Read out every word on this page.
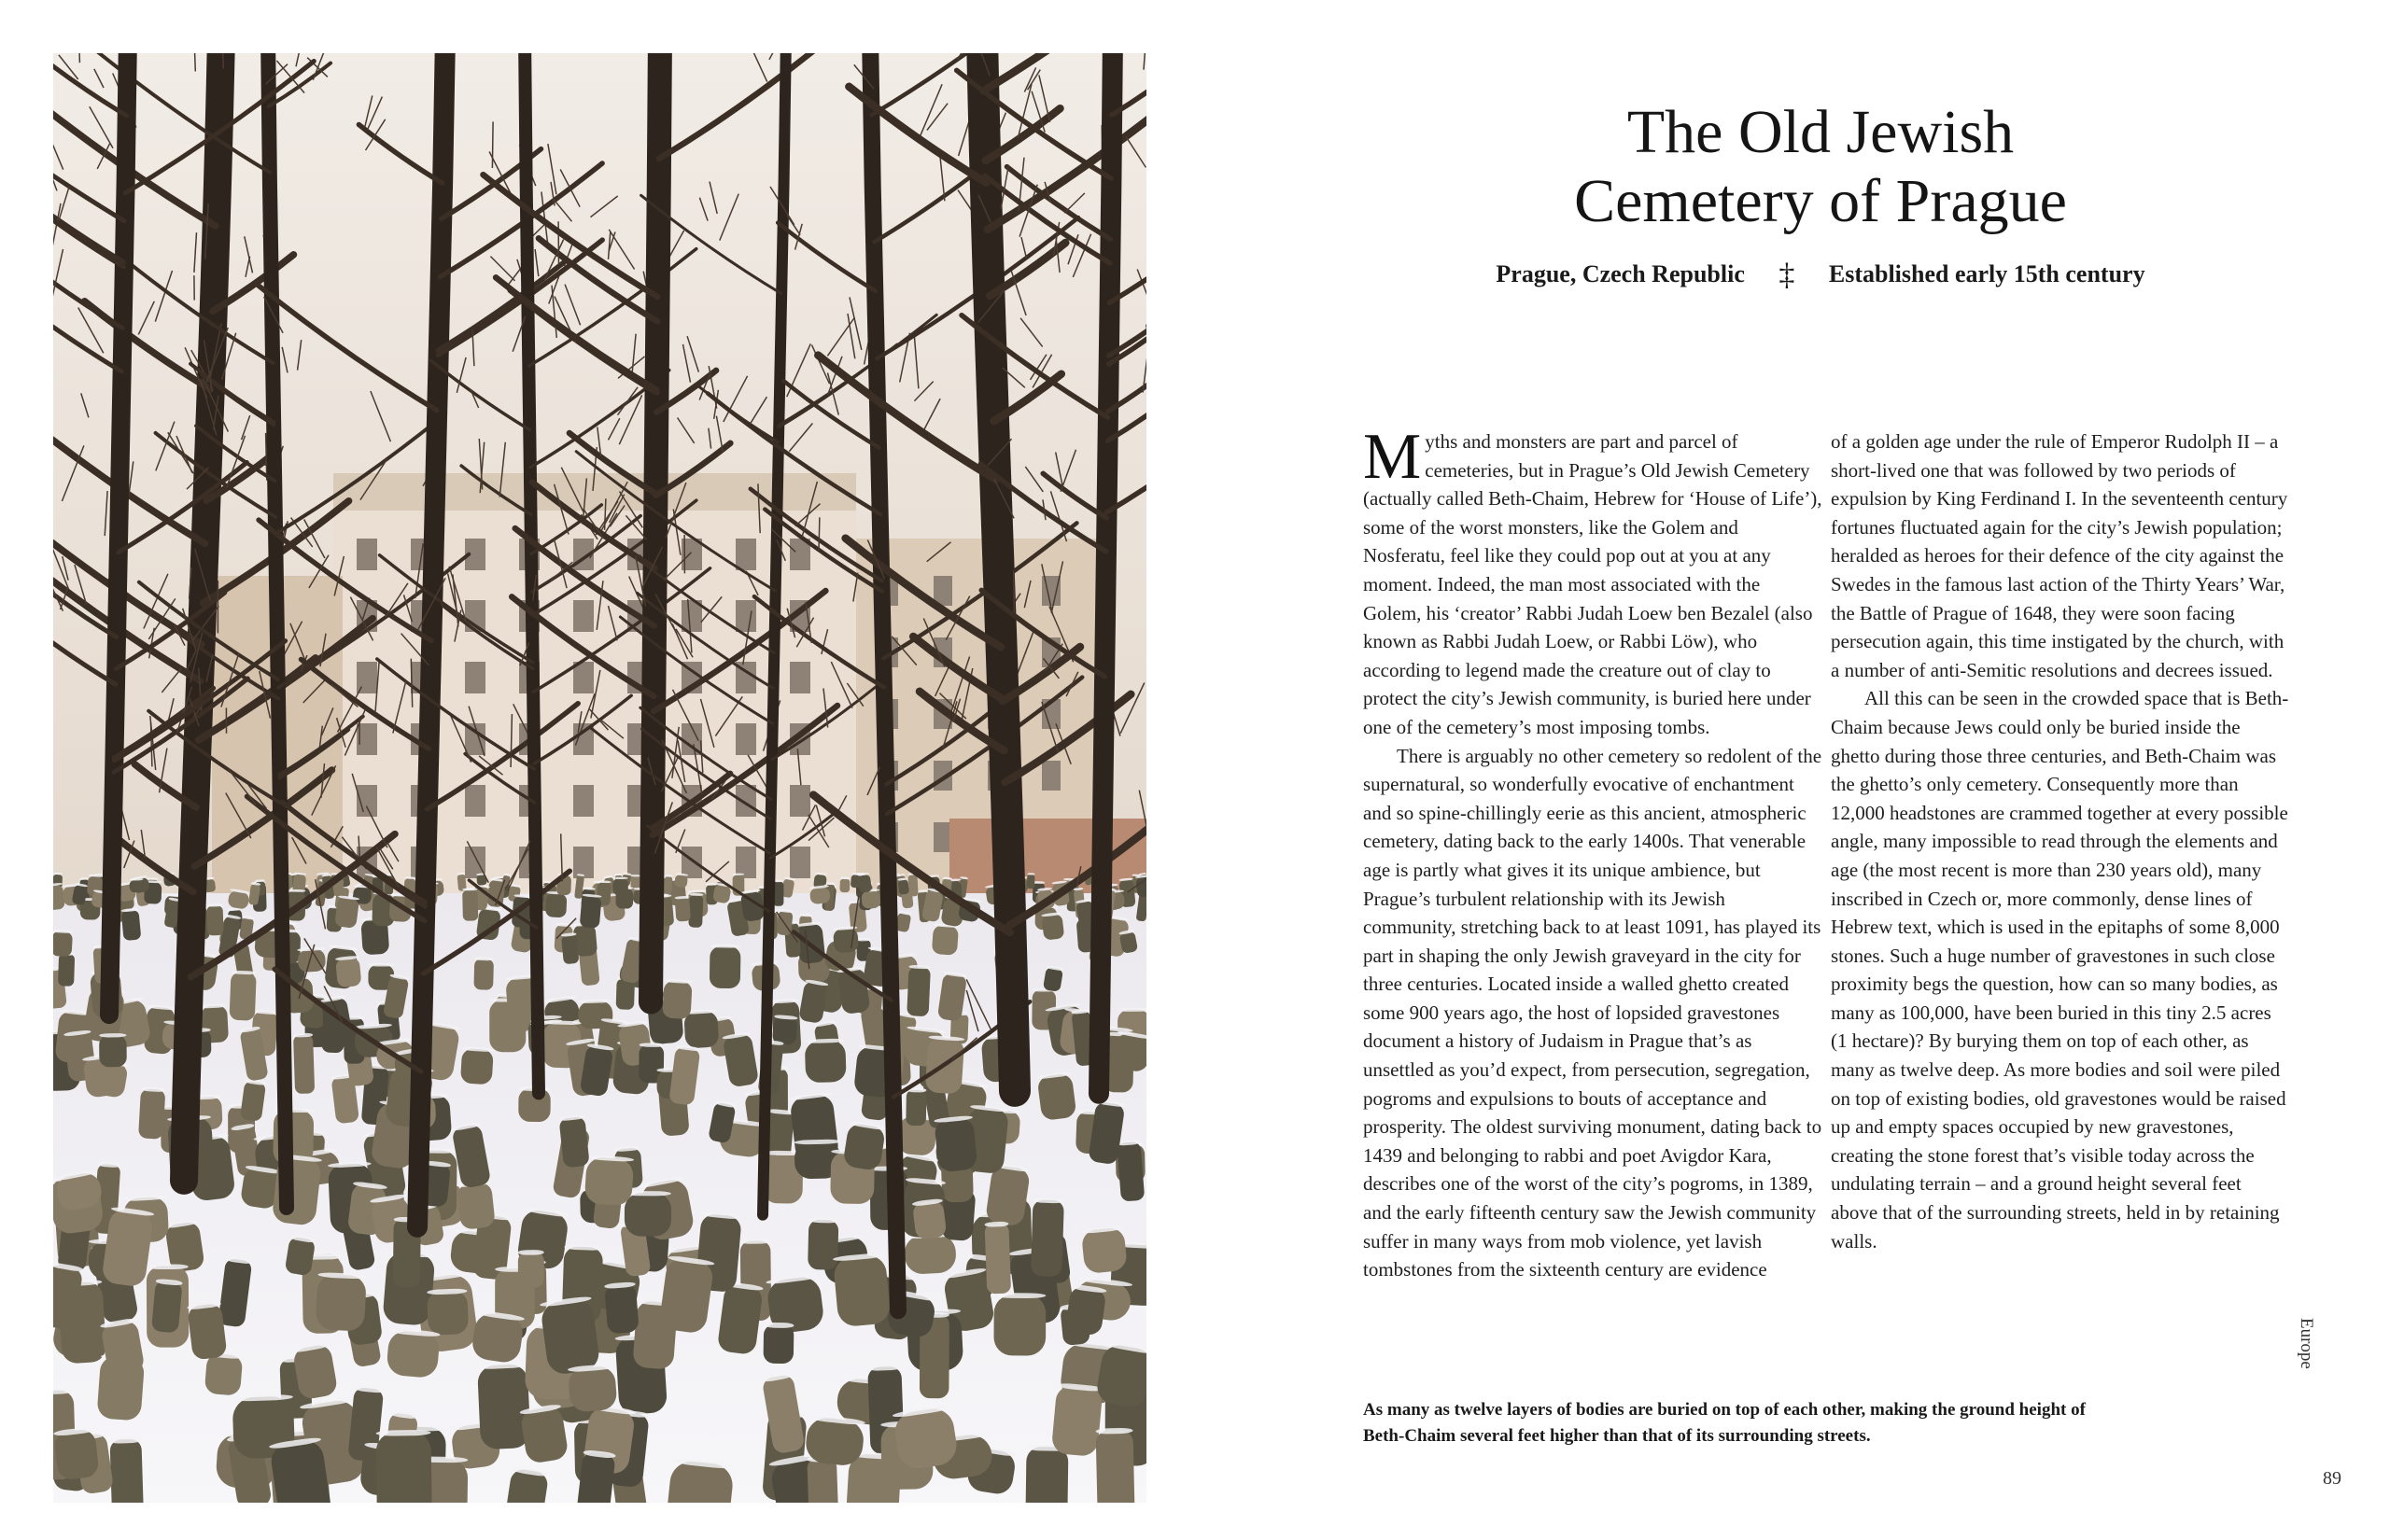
The Old Jewish
Cemetery of Prague
Prague, Czech Republic ‡ Established early 15th century

Myths and monsters are part and parcel of cemeteries, but in Prague’s Old Jewish Cemetery (actually called Beth-Chaim, Hebrew for ‘House of Life’), some of the worst monsters, like the Golem and Nosferatu, feel like they could pop out at you at any moment. Indeed, the man most associated with the Golem, his ‘creator’ Rabbi Judah Loew ben Bezalel (also known as Rabbi Judah Loew, or Rabbi Löw), who according to legend made the creature out of clay to protect the city’s Jewish community, is buried here under one of the cemetery’s most imposing tombs.

There is arguably no other cemetery so redolent of the supernatural, so wonderfully evocative of enchantment and so spine-chillingly eerie as this ancient, atmospheric cemetery, dating back to the early 1400s. That venerable age is partly what gives it its unique ambience, but Prague’s turbulent relationship with its Jewish community, stretching back to at least 1091, has played its part in shaping the only Jewish graveyard in the city for three centuries. Located inside a walled ghetto created some 900 years ago, the host of lopsided gravestones document a history of Judaism in Prague that’s as unsettled as you’d expect, from persecution, segregation, pogroms and expulsions to bouts of acceptance and prosperity. The oldest surviving monument, dating back to 1439 and belonging to rabbi and poet Avigdor Kara, describes one of the worst of the city’s pogroms, in 1389, and the early fifteenth century saw the Jewish community suffer in many ways from mob violence, yet lavish tombstones from the sixteenth century are evidence

of a golden age under the rule of Emperor Rudolph II – a short-lived one that was followed by two periods of expulsion by King Ferdinand I. In the seventeenth century fortunes fluctuated again for the city’s Jewish population; heralded as heroes for their defence of the city against the Swedes in the famous last action of the Thirty Years’ War, the Battle of Prague of 1648, they were soon facing persecution again, this time instigated by the church, with a number of anti-Semitic resolutions and decrees issued.

All this can be seen in the crowded space that is Beth-Chaim because Jews could only be buried inside the ghetto during those three centuries, and Beth-Chaim was the ghetto’s only cemetery. Consequently more than 12,000 headstones are crammed together at every possible angle, many impossible to read through the elements and age (the most recent is more than 230 years old), many inscribed in Czech or, more commonly, dense lines of Hebrew text, which is used in the epitaphs of some 8,000 stones. Such a huge number of gravestones in such close proximity begs the question, how can so many bodies, as many as 100,000, have been buried in this tiny 2.5 acres (1 hectare)? By burying them on top of each other, as many as twelve deep. As more bodies and soil were piled on top of existing bodies, old gravestones would be raised up and empty spaces occupied by new gravestones, creating the stone forest that’s visible today across the undulating terrain – and a ground height several feet above that of the surrounding streets, held in by retaining walls.

As many as twelve layers of bodies are buried on top of each other, making the ground height of Beth-Chaim several feet higher than that of its surrounding streets.
Europe
89
